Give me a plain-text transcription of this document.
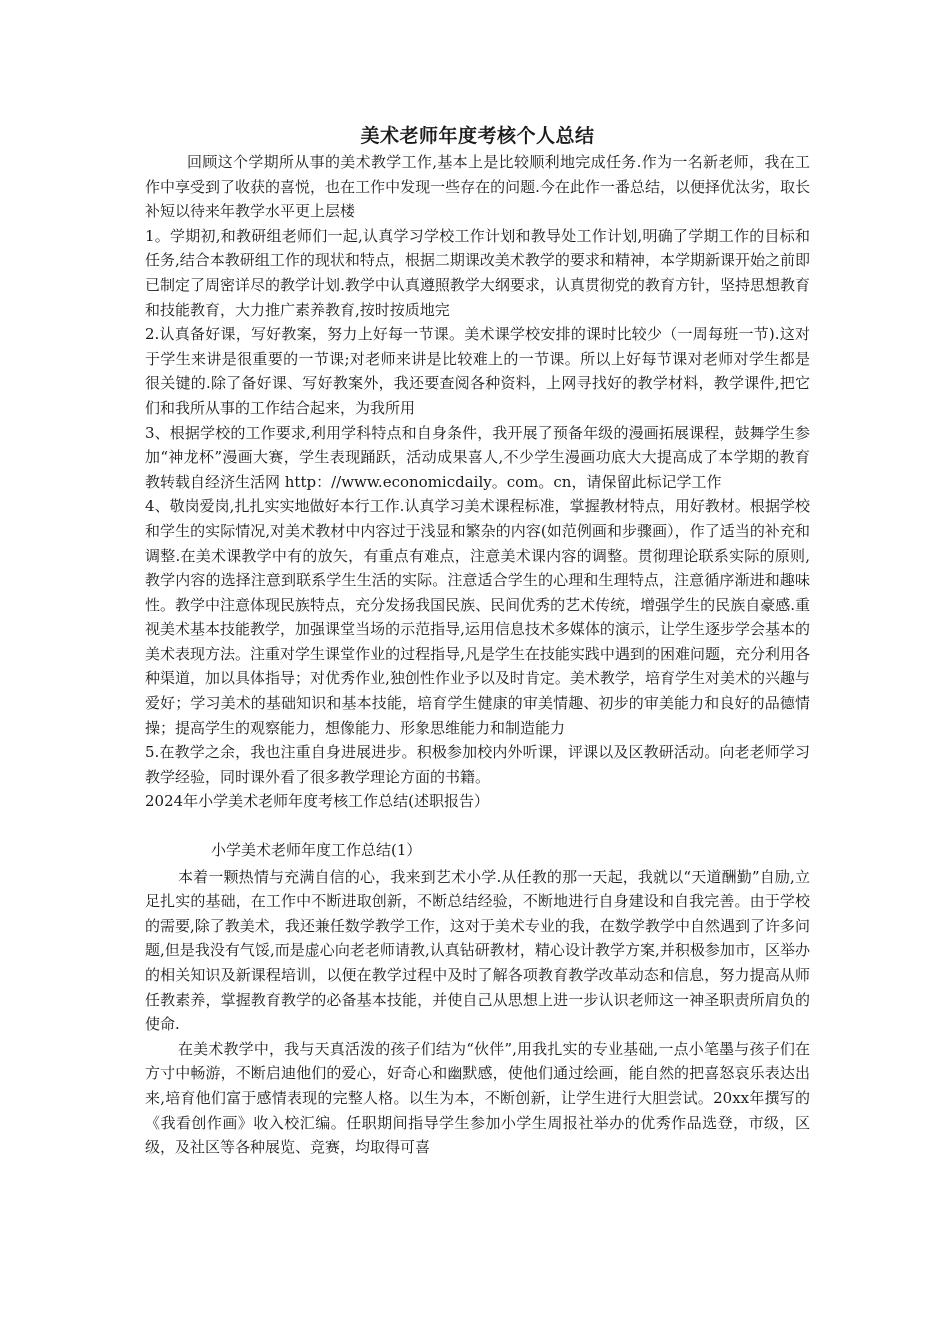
美术老师年度考核个人总结

回顾这个学期所从事的美术教学工作,基本上是比较顺利地完成任务.作为一名新老师，我在工作中享受到了收获的喜悦，也在工作中发现一些存在的问题.今在此作一番总结，以便择优汰劣，取长补短以待来年教学水平更上层楼

1。学期初,和教研组老师们一起,认真学习学校工作计划和教导处工作计划,明确了学期工作的目标和任务,结合本教研组工作的现状和特点，根据二期课改美术教学的要求和精神，本学期新课开始之前即已制定了周密详尽的教学计划.教学中认真遵照教学大纲要求，认真贯彻党的教育方针，坚持思想教育和技能教育，大力推广素养教育,按时按质地完

2.认真备好课，写好教案，努力上好每一节课。美术课学校安排的课时比较少（一周每班一节).这对于学生来讲是很重要的一节课;对老师来讲是比较难上的一节课。所以上好每节课对老师对学生都是很关键的.除了备好课、写好教案外，我还要查阅各种资料，上网寻找好的教学材料，教学课件,把它们和我所从事的工作结合起来，为我所用

3、根据学校的工作要求,利用学科特点和自身条件，我开展了预备年级的漫画拓展课程，鼓舞学生参加“神龙杯”漫画大赛，学生表现踊跃，活动成果喜人,不少学生漫画功底大大提高成了本学期的教育教转载自经济生活网 http：//www.economicdaily。com。cn，请保留此标记学工作

4、敬岗爱岗,扎扎实实地做好本行工作.认真学习美术课程标准，掌握教材特点，用好教材。根据学校和学生的实际情况,对美术教材中内容过于浅显和繁杂的内容(如范例画和步骤画），作了适当的补充和调整.在美术课教学中有的放矢，有重点有难点，注意美术课内容的调整。贯彻理论联系实际的原则,教学内容的选择注意到联系学生生活的实际。注意适合学生的心理和生理特点，注意循序渐进和趣味性。教学中注意体现民族特点，充分发扬我国民族、民间优秀的艺术传统，增强学生的民族自豪感.重视美术基本技能教学，加强课堂当场的示范指导,运用信息技术多媒体的演示，让学生逐步学会基本的美术表现方法。注重对学生课堂作业的过程指导,凡是学生在技能实践中遇到的困难问题，充分利用各种渠道，加以具体指导；对优秀作业,独创性作业予以及时肯定。美术教学，培育学生对美术的兴趣与爱好；学习美术的基础知识和基本技能，培育学生健康的审美情趣、初步的审美能力和良好的品德情操；提高学生的观察能力，想像能力、形象思维能力和制造能力

5.在教学之余，我也注重自身进展进步。积极参加校内外听课，评课以及区教研活动。向老老师学习教学经验，同时课外看了很多教学理论方面的书籍。

2024年小学美术老师年度考核工作总结(述职报告）

小学美术老师年度工作总结(1）

本着一颗热情与充满自信的心，我来到艺术小学.从任教的那一天起，我就以“天道酬勤”自励,立足扎实的基础，在工作中不断进取创新，不断总结经验，不断地进行自身建设和自我完善。由于学校的需要,除了教美术，我还兼任数学教学工作，这对于美术专业的我，在数学教学中自然遇到了许多问题,但是我没有气馁,而是虚心向老老师请教,认真钻研教材，精心设计教学方案,并积极参加市，区举办的相关知识及新课程培训，以便在教学过程中及时了解各项教育教学改革动态和信息，努力提高从师任教素养，掌握教育教学的必备基本技能，并使自己从思想上进一步认识老师这一神圣职责所肩负的使命.

在美术教学中，我与天真活泼的孩子们结为“伙伴”,用我扎实的专业基础,一点小笔墨与孩子们在方寸中畅游，不断启迪他们的爱心，好奇心和幽默感，使他们通过绘画，能自然的把喜怒哀乐表达出来,培育他们富于感情表现的完整人格。以生为本，不断创新，让学生进行大胆尝试。20xx年撰写的《我看创作画》收入校汇编。任职期间指导学生参加小学生周报社举办的优秀作品选登，市级，区级，及社区等各种展览、竞赛，均取得可喜
